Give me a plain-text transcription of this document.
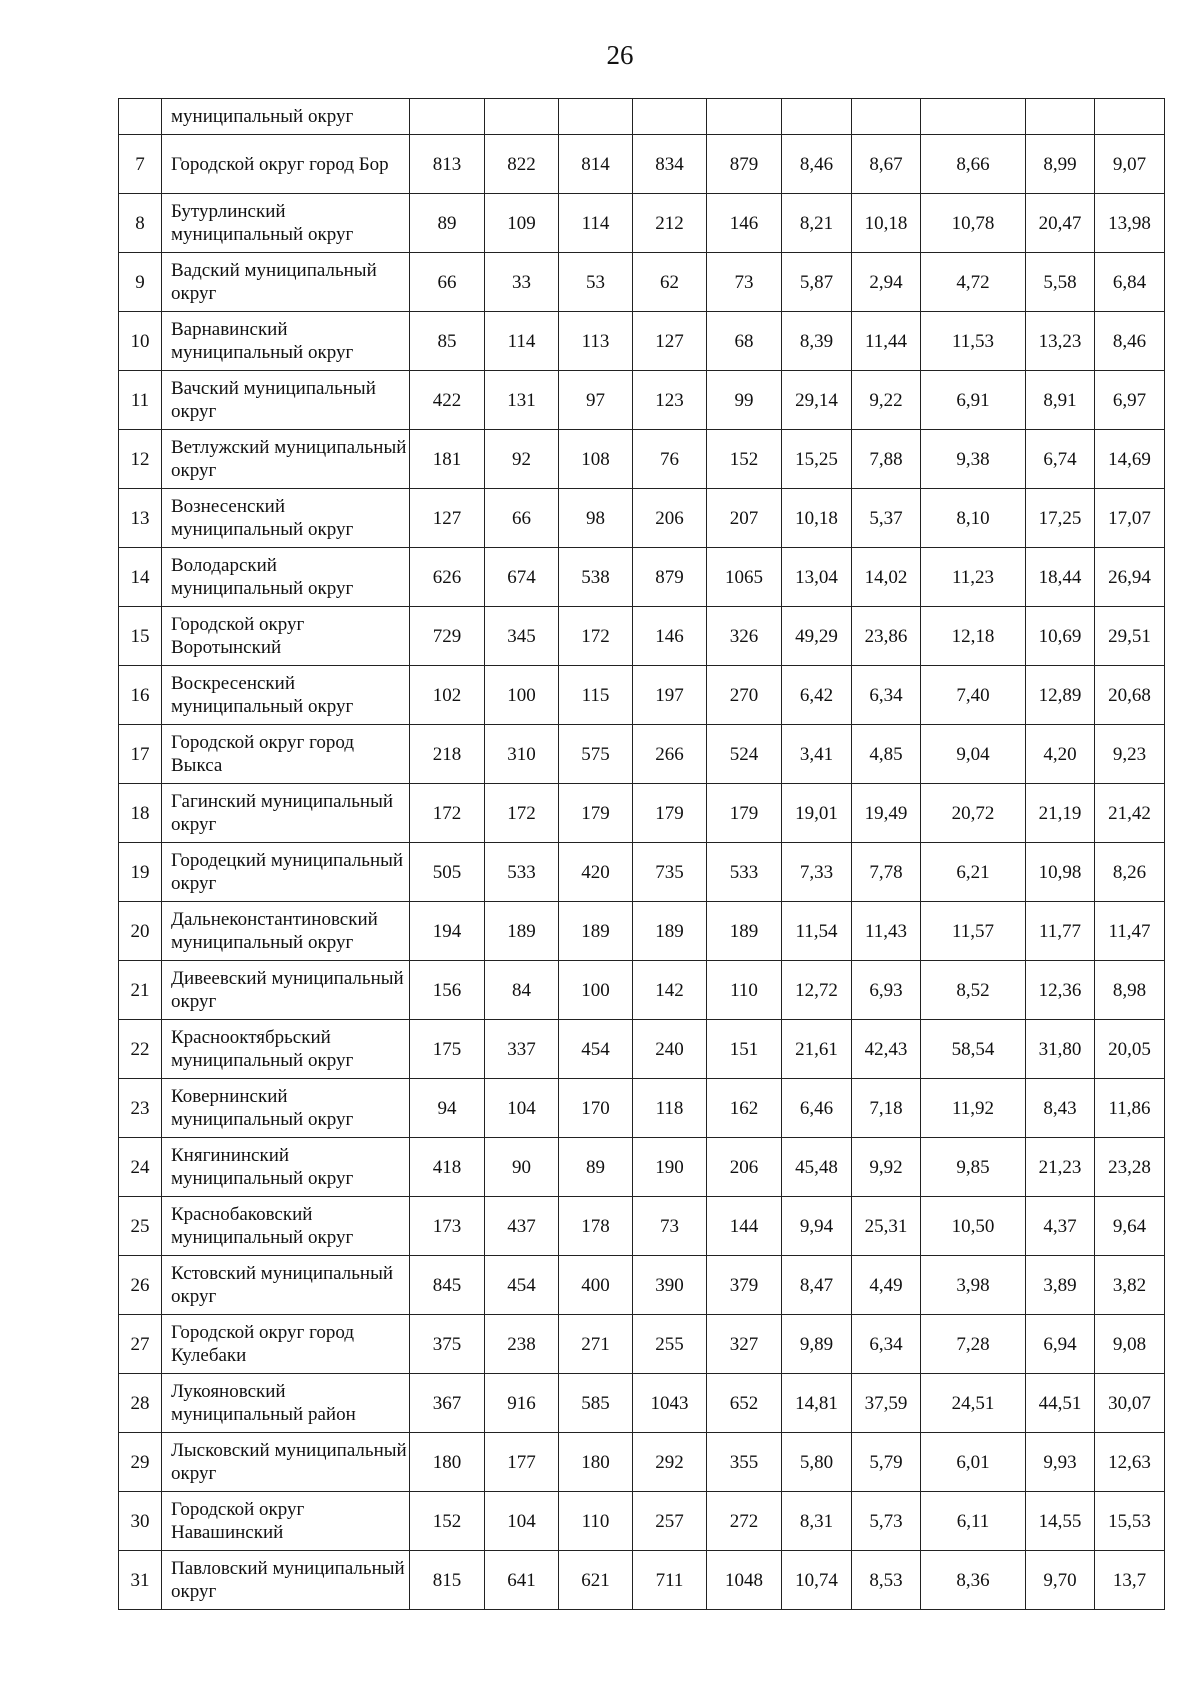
26
	муниципальный округ										
7	Городской округ город Бор	813	822	814	834	879	8,46	8,67	8,66	8,99	9,07
8	Бутурлинский муниципальный округ	89	109	114	212	146	8,21	10,18	10,78	20,47	13,98
9	Вадский муниципальный округ	66	33	53	62	73	5,87	2,94	4,72	5,58	6,84
10	Варнавинский муниципальный округ	85	114	113	127	68	8,39	11,44	11,53	13,23	8,46
11	Вачский муниципальный округ	422	131	97	123	99	29,14	9,22	6,91	8,91	6,97
12	Ветлужский муниципальный округ	181	92	108	76	152	15,25	7,88	9,38	6,74	14,69
13	Вознесенский муниципальный округ	127	66	98	206	207	10,18	5,37	8,10	17,25	17,07
14	Володарский муниципальный округ	626	674	538	879	1065	13,04	14,02	11,23	18,44	26,94
15	Городской округ Воротынский	729	345	172	146	326	49,29	23,86	12,18	10,69	29,51
16	Воскресенский муниципальный округ	102	100	115	197	270	6,42	6,34	7,40	12,89	20,68
17	Городской округ город Выкса	218	310	575	266	524	3,41	4,85	9,04	4,20	9,23
18	Гагинский муниципальный округ	172	172	179	179	179	19,01	19,49	20,72	21,19	21,42
19	Городецкий муниципальный округ	505	533	420	735	533	7,33	7,78	6,21	10,98	8,26
20	Дальнеконстантиновский муниципальный округ	194	189	189	189	189	11,54	11,43	11,57	11,77	11,47
21	Дивеевский муниципальный округ	156	84	100	142	110	12,72	6,93	8,52	12,36	8,98
22	Краснооктябрьский муниципальный округ	175	337	454	240	151	21,61	42,43	58,54	31,80	20,05
23	Ковернинский муниципальный округ	94	104	170	118	162	6,46	7,18	11,92	8,43	11,86
24	Княгининский муниципальный округ	418	90	89	190	206	45,48	9,92	9,85	21,23	23,28
25	Краснобаковский муниципальный округ	173	437	178	73	144	9,94	25,31	10,50	4,37	9,64
26	Кстовский муниципальный округ	845	454	400	390	379	8,47	4,49	3,98	3,89	3,82
27	Городской округ город Кулебаки	375	238	271	255	327	9,89	6,34	7,28	6,94	9,08
28	Лукояновский муниципальный район	367	916	585	1043	652	14,81	37,59	24,51	44,51	30,07
29	Лысковский муниципальный округ	180	177	180	292	355	5,80	5,79	6,01	9,93	12,63
30	Городской округ Навашинский	152	104	110	257	272	8,31	5,73	6,11	14,55	15,53
31	Павловский муниципальный округ	815	641	621	711	1048	10,74	8,53	8,36	9,70	13,7
